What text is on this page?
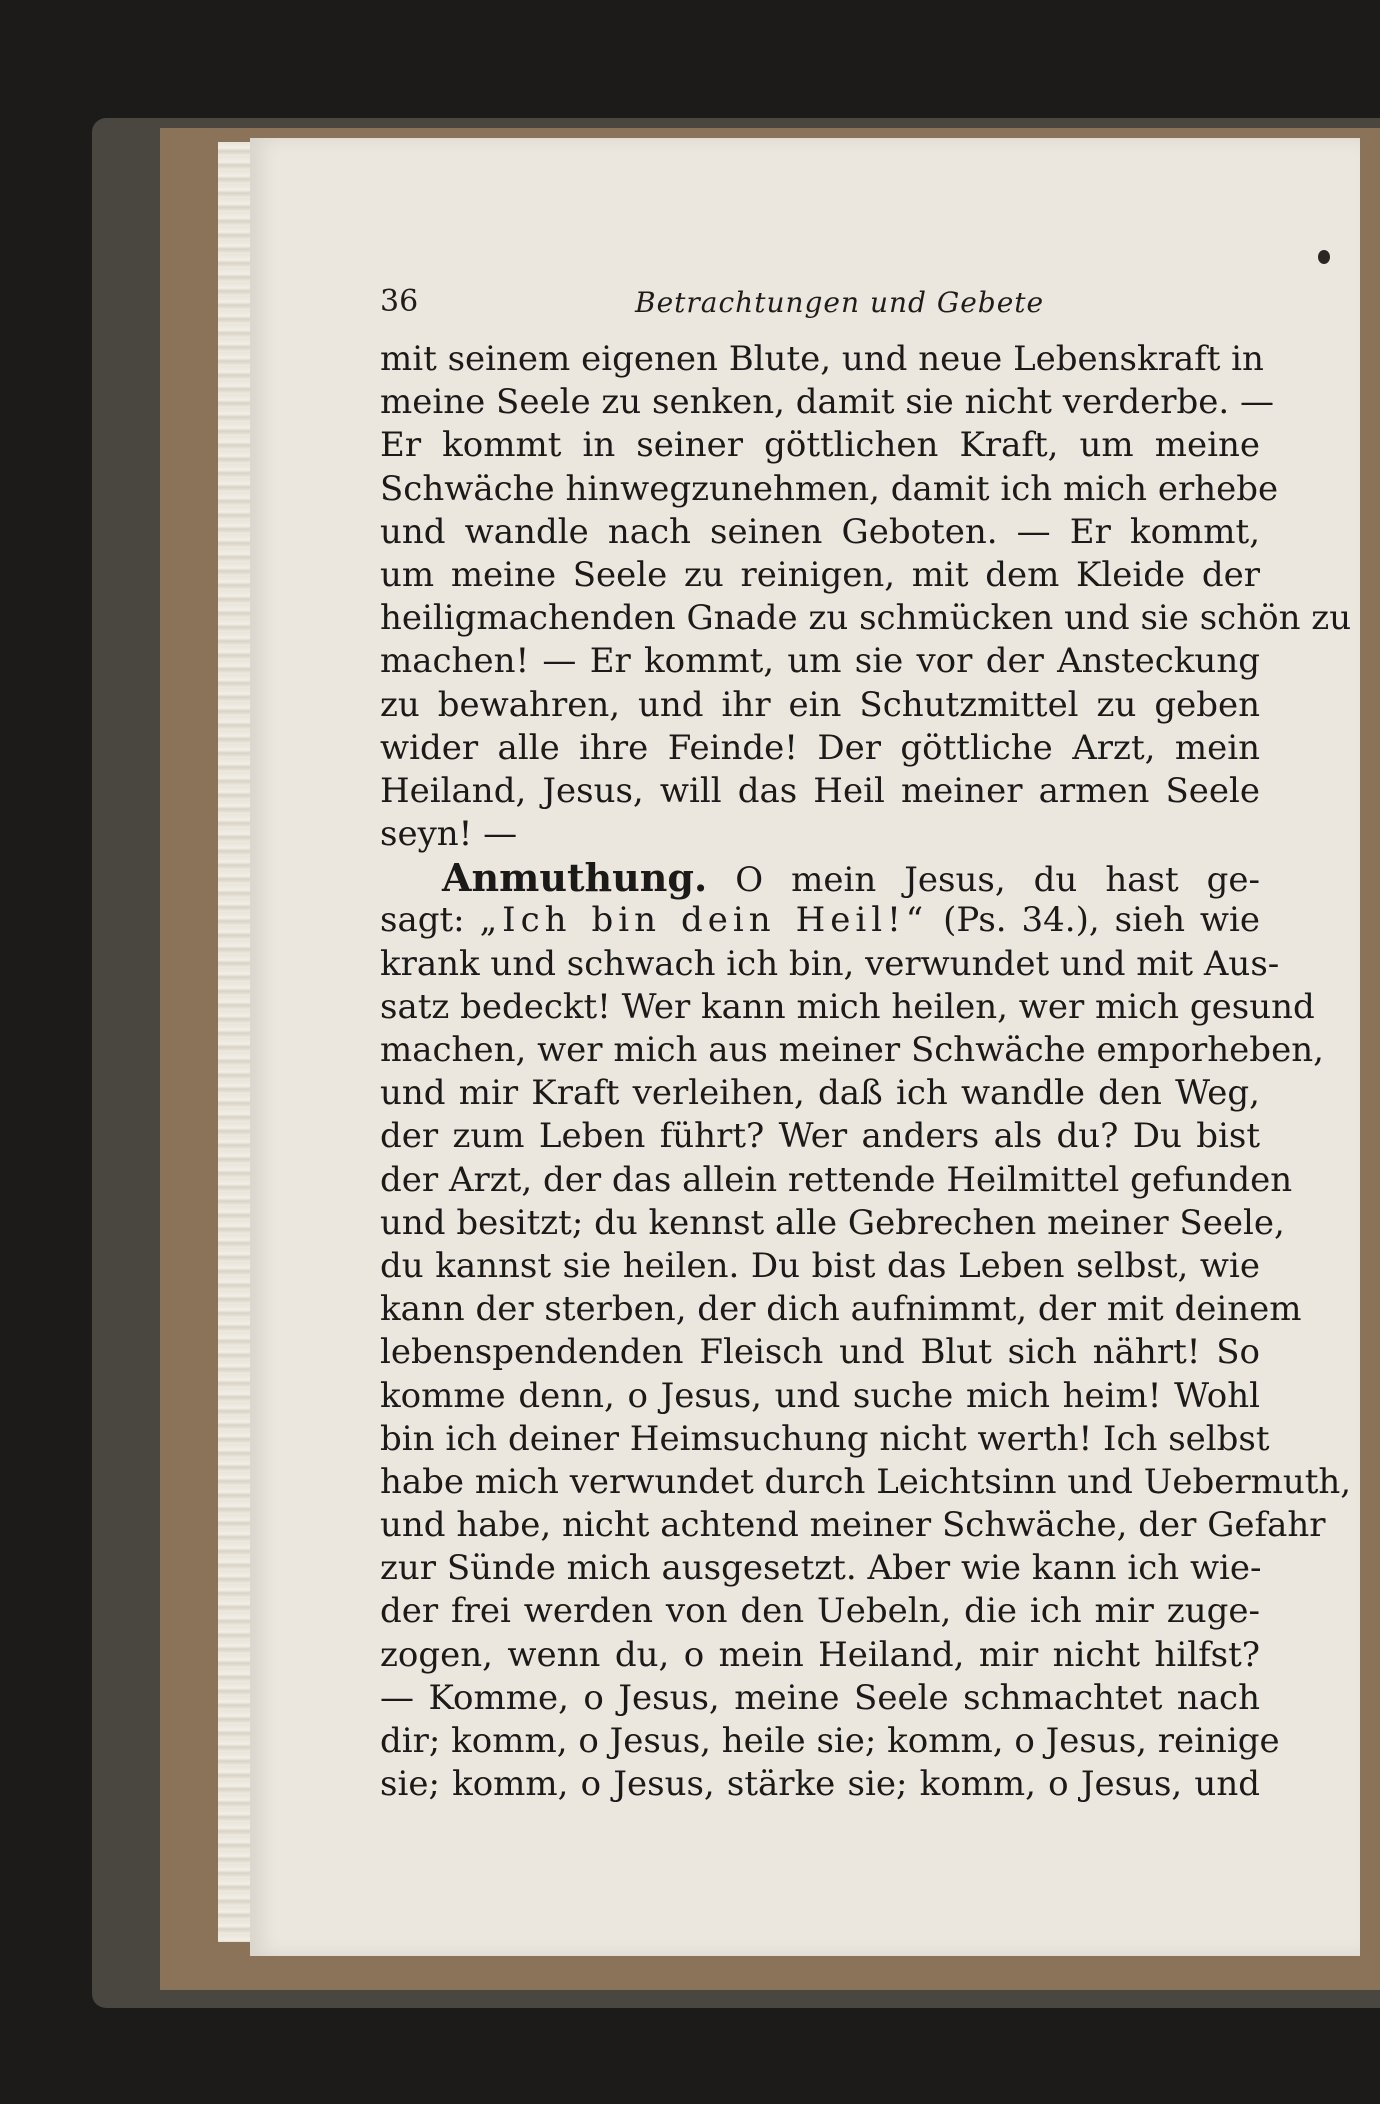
36	Betrachtungen und Gebete
mit seinem eigenen Blute, und neue Lebenskraft in
meine Seele zu senken, damit sie nicht verderbe. —
Er kommt in seiner göttlichen Kraft, um meine
Schwäche hinwegzunehmen, damit ich mich erhebe
und wandle nach seinen Geboten. — Er kommt,
um meine Seele zu reinigen, mit dem Kleide der
heiligmachenden Gnade zu schmücken und sie schön zu
machen! — Er kommt, um sie vor der Ansteckung
zu bewahren, und ihr ein Schutzmittel zu geben
wider alle ihre Feinde! Der göttliche Arzt, mein
Heiland, Jesus, will das Heil meiner armen Seele
seyn! —
Anmuthung. O mein Jesus, du hast ge-
sagt: „Ich bin dein Heil!“ (Ps. 34.), sieh wie
krank und schwach ich bin, verwundet und mit Aus-
satz bedeckt! Wer kann mich heilen, wer mich gesund
machen, wer mich aus meiner Schwäche emporheben,
und mir Kraft verleihen, daß ich wandle den Weg,
der zum Leben führt? Wer anders als du? Du bist
der Arzt, der das allein rettende Heilmittel gefunden
und besitzt; du kennst alle Gebrechen meiner Seele,
du kannst sie heilen. Du bist das Leben selbst, wie
kann der sterben, der dich aufnimmt, der mit deinem
lebenspendenden Fleisch und Blut sich nährt! So
komme denn, o Jesus, und suche mich heim! Wohl
bin ich deiner Heimsuchung nicht werth! Ich selbst
habe mich verwundet durch Leichtsinn und Uebermuth,
und habe, nicht achtend meiner Schwäche, der Gefahr
zur Sünde mich ausgesetzt. Aber wie kann ich wie-
der frei werden von den Uebeln, die ich mir zuge-
zogen, wenn du, o mein Heiland, mir nicht hilfst?
— Komme, o Jesus, meine Seele schmachtet nach
dir; komm, o Jesus, heile sie; komm, o Jesus, reinige
sie; komm, o Jesus, stärke sie; komm, o Jesus, und
